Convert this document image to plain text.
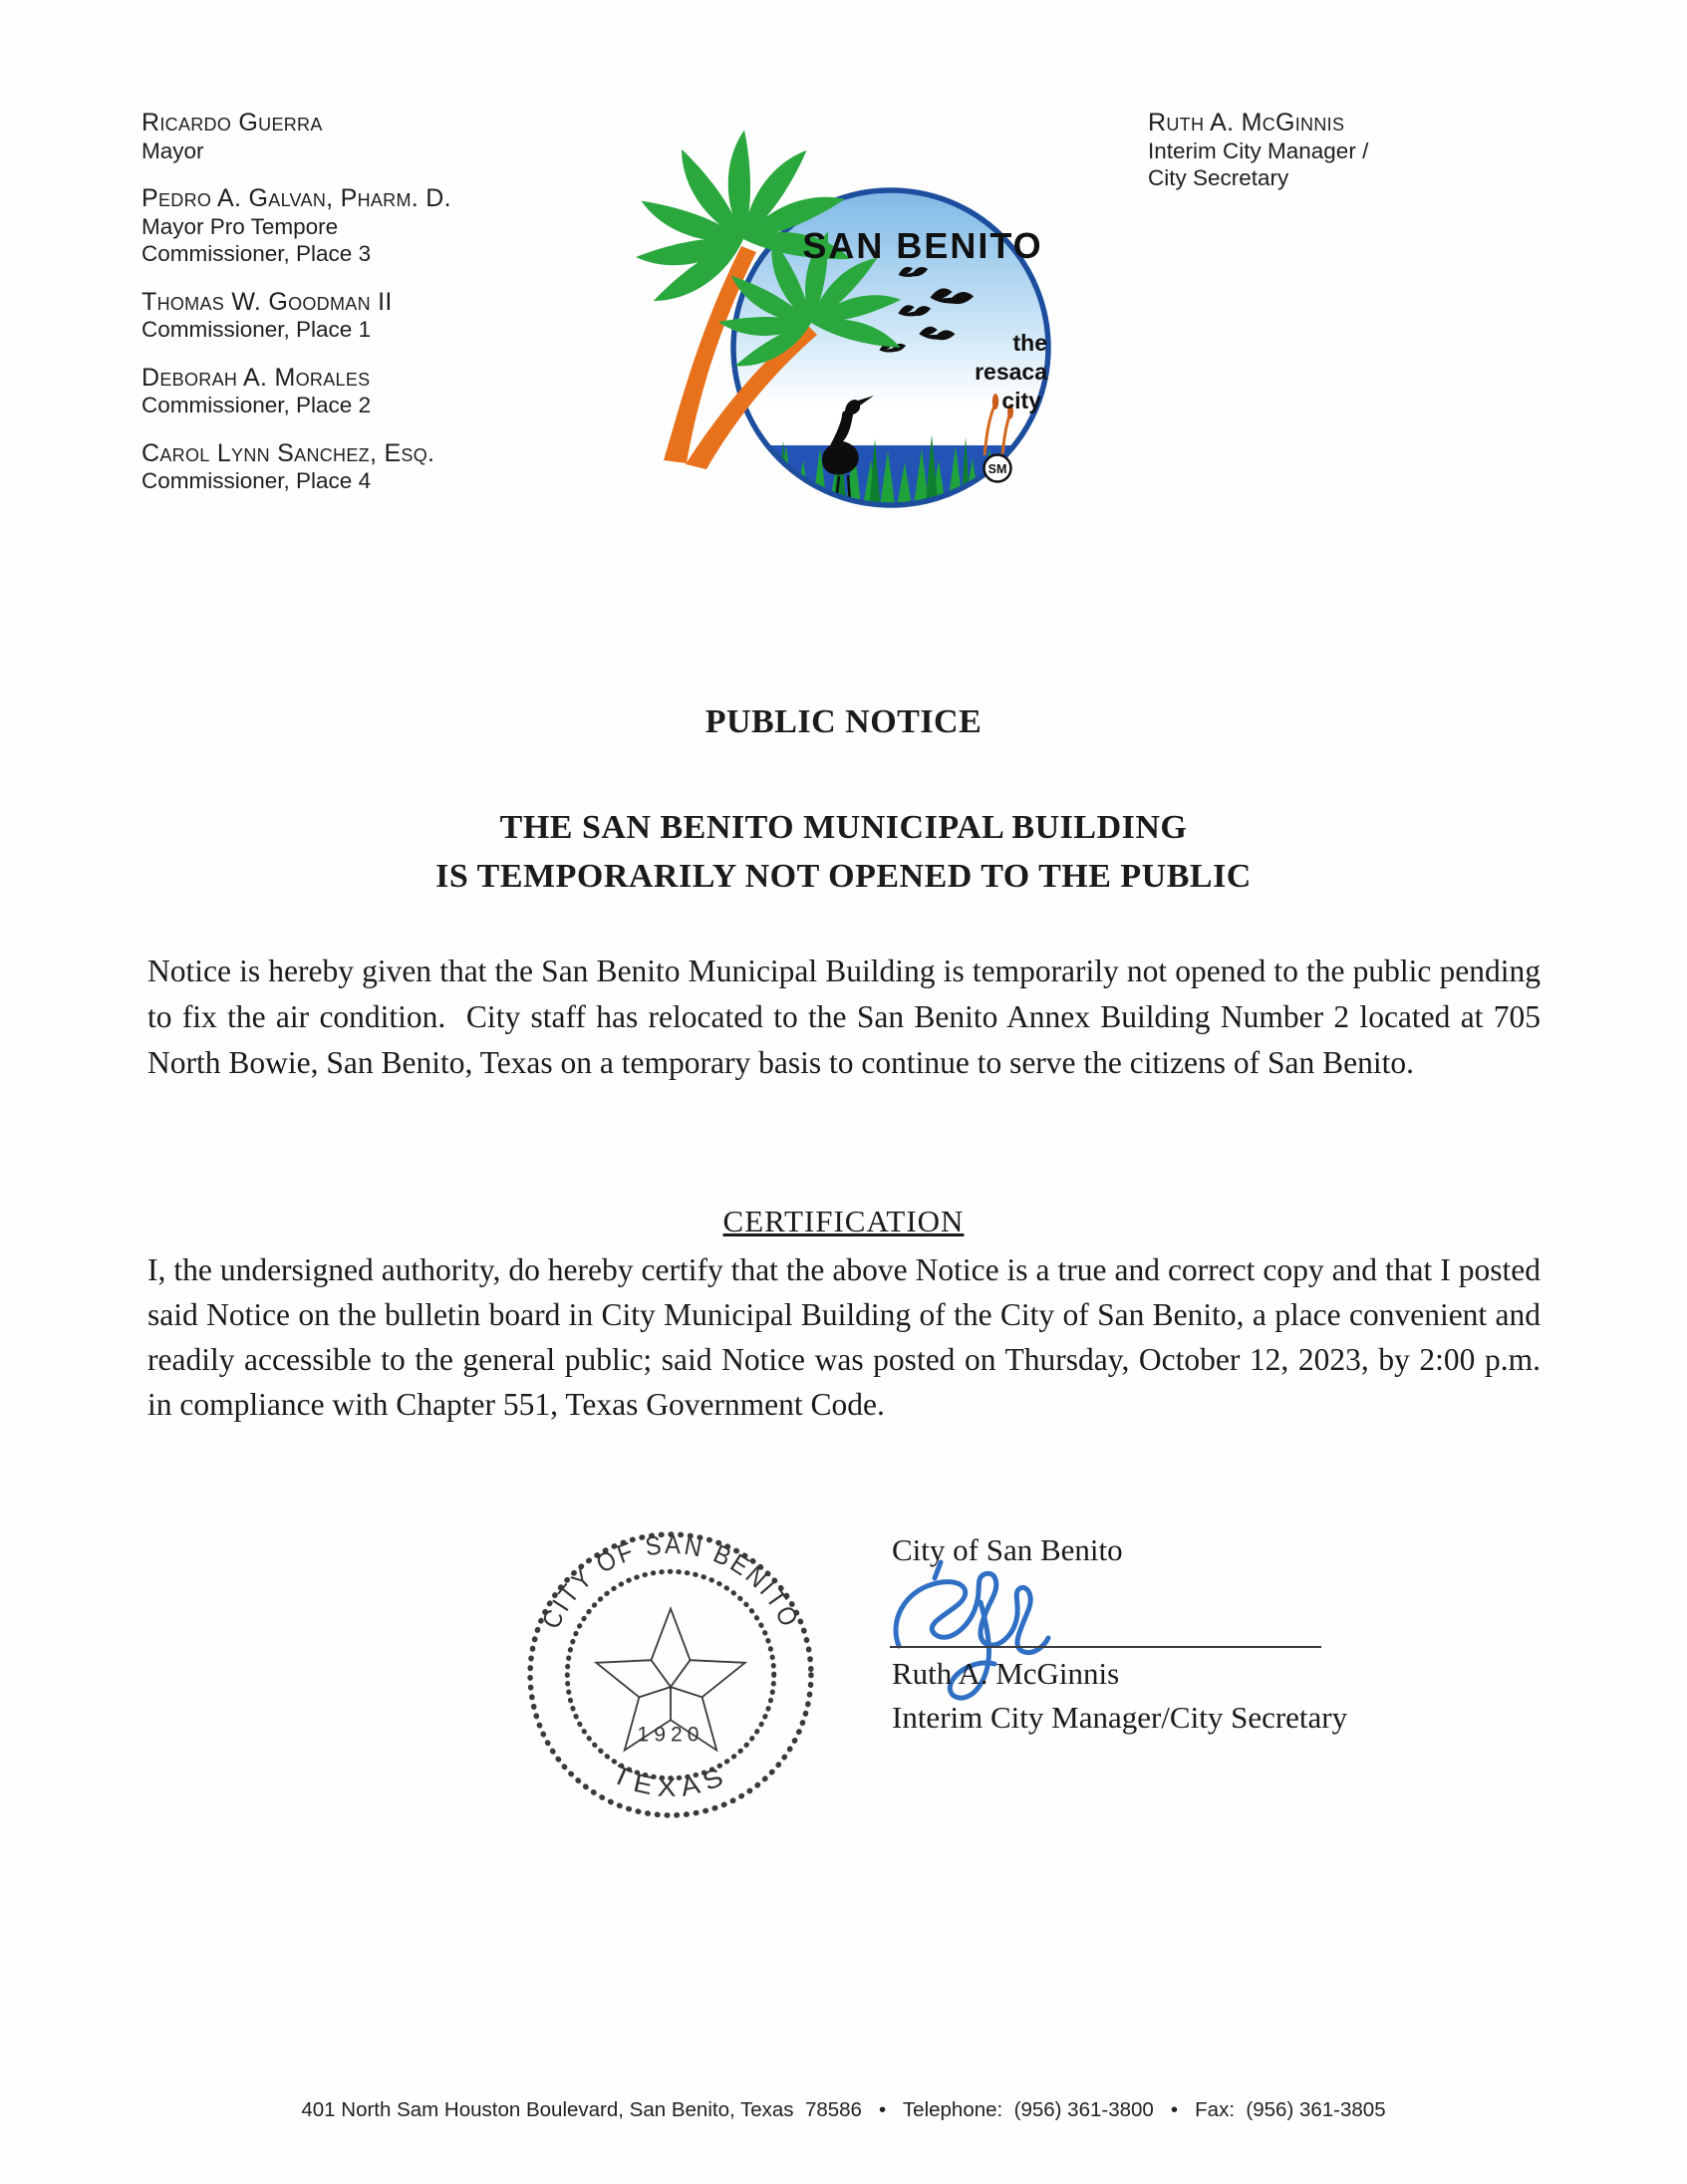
Ricardo Guerra
Mayor
Pedro A. Galvan, Pharm. D.
Mayor Pro Tempore
Commissioner, Place 3
Thomas W. Goodman II
Commissioner, Place 1
Deborah A. Morales
Commissioner, Place 2
Carol Lynn Sanchez, Esq.
Commissioner, Place 4
Ruth A. McGinnis
Interim City Manager /
City Secretary
SAN BENITO
the
resaca
city
SM
PUBLIC NOTICE
THE SAN BENITO MUNICIPAL BUILDING
IS TEMPORARILY NOT OPENED TO THE PUBLIC
Notice is hereby given that the San Benito Municipal Building is temporarily not opened to the public pending to fix the air condition.  City staff has relocated to the San Benito Annex Building Number 2 located at 705 North Bowie, San Benito, Texas on a temporary basis to continue to serve the citizens of San Benito.
CERTIFICATION
I, the undersigned authority, do hereby certify that the above Notice is a true and correct copy and that I posted said Notice on the bulletin board in City Municipal Building of the City of San Benito, a place convenient and readily accessible to the general public; said Notice was posted on Thursday, October 12, 2023, by 2:00 p.m. in compliance with Chapter 551, Texas Government Code.
CITY OF SAN BENITO
TEXAS
1920
City of San Benito
Ruth A. McGinnis
Interim City Manager/City Secretary
401 North Sam Houston Boulevard, San Benito, Texas  78586   •   Telephone:  (956) 361-3800   •   Fax:  (956) 361-3805
